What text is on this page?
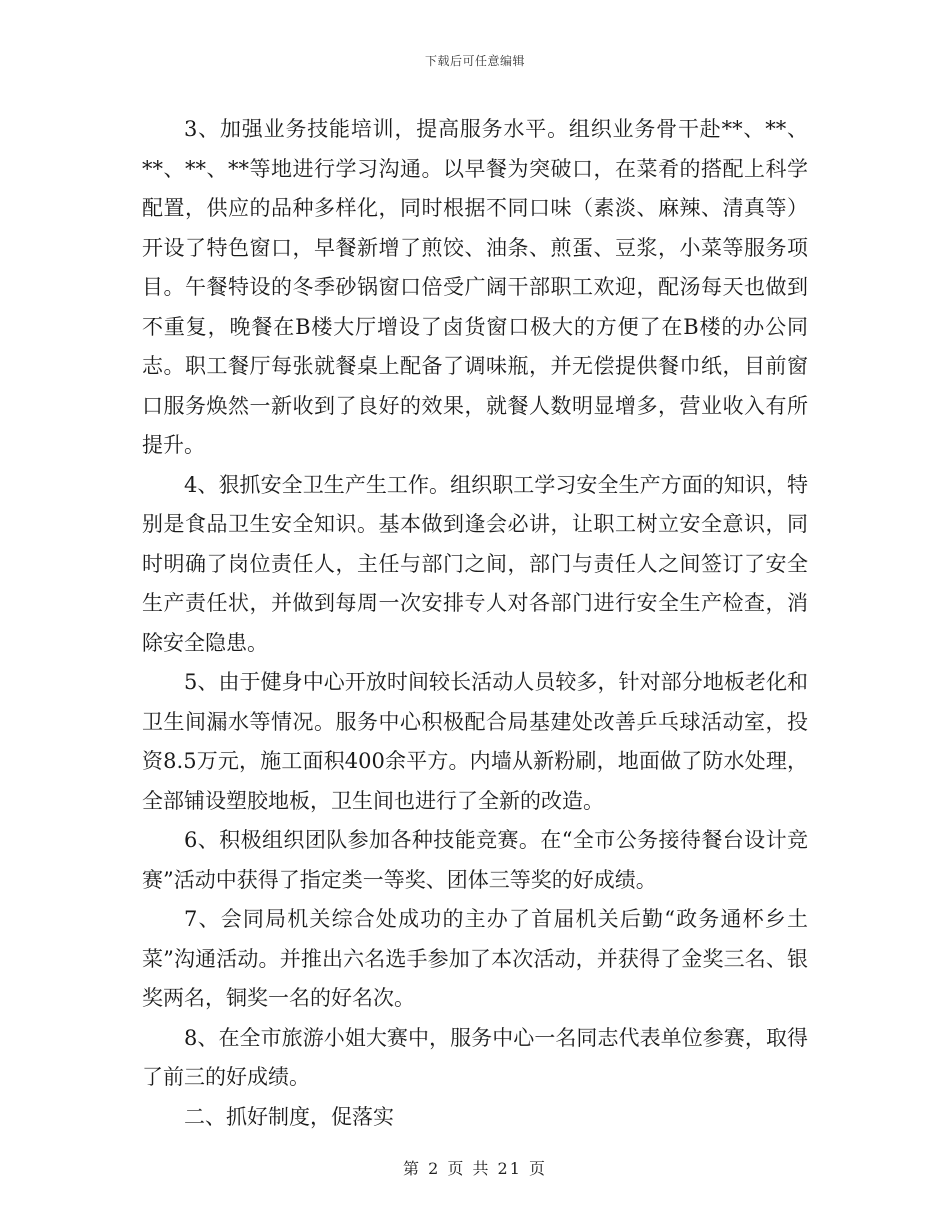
下载后可任意编辑

3、加强业务技能培训，提高服务水平。组织业务骨干赴**、**、**、**、**等地进行学习沟通。以早餐为突破口，在菜肴的搭配上科学配置，供应的品种多样化，同时根据不同口味（素淡、麻辣、清真等）开设了特色窗口，早餐新增了煎饺、油条、煎蛋、豆浆，小菜等服务项目。午餐特设的冬季砂锅窗口倍受广阔干部职工欢迎，配汤每天也做到不重复，晚餐在B楼大厅增设了卤货窗口极大的方便了在B楼的办公同志。职工餐厅每张就餐桌上配备了调味瓶，并无偿提供餐巾纸，目前窗口服务焕然一新收到了良好的效果，就餐人数明显增多，营业收入有所提升。

4、狠抓安全卫生产生工作。组织职工学习安全生产方面的知识，特别是食品卫生安全知识。基本做到逢会必讲，让职工树立安全意识，同时明确了岗位责任人，主任与部门之间，部门与责任人之间签订了安全生产责任状，并做到每周一次安排专人对各部门进行安全生产检查，消除安全隐患。

5、由于健身中心开放时间较长活动人员较多，针对部分地板老化和卫生间漏水等情况。服务中心积极配合局基建处改善乒乓球活动室，投资8.5万元，施工面积400余平方。内墙从新粉刷，地面做了防水处理，全部铺设塑胶地板，卫生间也进行了全新的改造。

6、积极组织团队参加各种技能竞赛。在“全市公务接待餐台设计竞赛”活动中获得了指定类一等奖、团体三等奖的好成绩。

7、会同局机关综合处成功的主办了首届机关后勤“政务通杯乡土菜”沟通活动。并推出六名选手参加了本次活动，并获得了金奖三名、银奖两名，铜奖一名的好名次。

8、在全市旅游小姐大赛中，服务中心一名同志代表单位参赛，取得了前三的好成绩。

二、抓好制度，促落实

第 2 页 共 21 页
